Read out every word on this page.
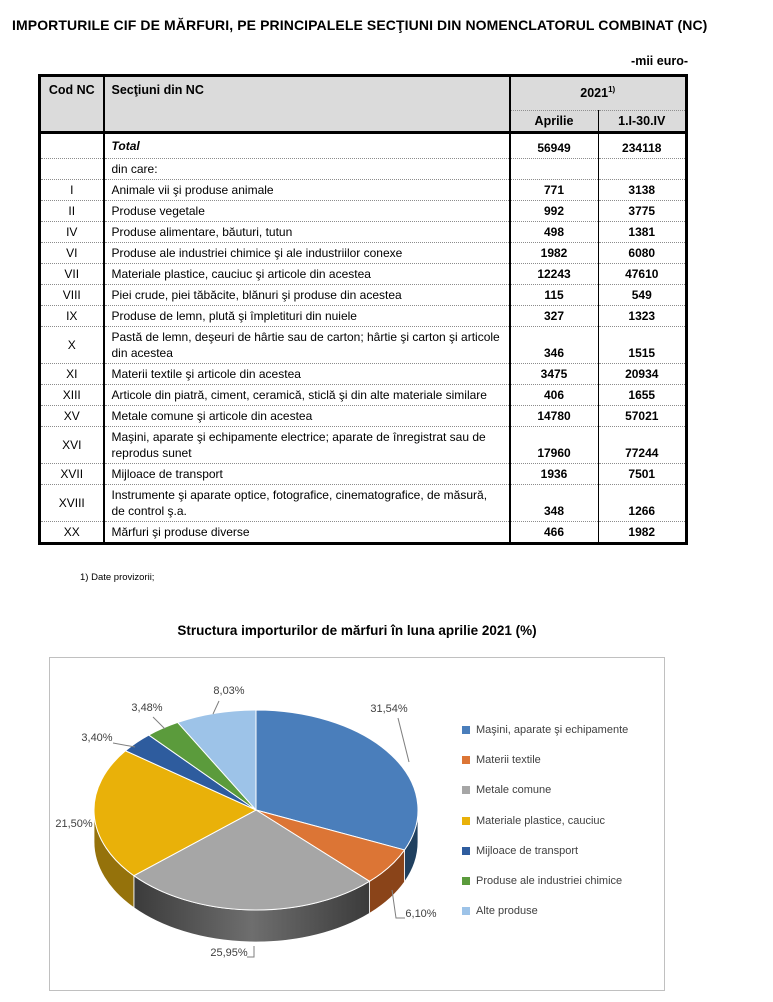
IMPORTURILE CIF DE MĂRFURI, PE PRINCIPALELE SECŢIUNI DIN NOMENCLATORUL COMBINAT (NC)
-mii euro-
Cod NC	Secţiuni din NC	2021$^{1)}$
		Aprilie	1.I-30.IV
	Total	56949	234118
	din care:		
I	Animale vii şi produse animale	771	3138
II	Produse vegetale	992	3775
IV	Produse alimentare, băuturi, tutun	498	1381
VI	Produse ale industriei chimice şi ale industriilor conexe	1982	6080
VII	Materiale plastice, cauciuc şi articole din acestea	12243	47610
VIII	Piei crude, piei tăbăcite, blănuri şi produse din acestea	115	549
IX	Produse de lemn, plută şi împletituri din nuiele	327	1323
X	Pastă de lemn, deşeuri de hârtie sau de carton; hârtie şi carton şi articole din acestea	346	1515
XI	Materii textile şi articole din acestea	3475	20934
XIII	Articole din piatră, ciment, ceramică, sticlă şi din alte materiale similare	406	1655
XV	Metale comune şi articole din acestea	14780	57021
XVI	Maşini, aparate şi echipamente electrice; aparate de înregistrat sau de reprodus sunet	17960	77244
XVII	Mijloace de transport	1936	7501
XVIII	Instrumente şi aparate optice, fotografice, cinematografice, de măsură, de control ş.a.	348	1266
XX	Mărfuri şi produse diverse	466	1982
1) Date provizorii;
Structura importurilor de mărfuri în luna aprilie 2021 (%)
31,54%
6,10%
25,95%
21,50%
3,40%
3,48%
8,03%
Maşini, aparate şi echipamente
Materii textile
Metale comune
Materiale plastice, cauciuc
Mijloace de transport
Produse ale industriei chimice
Alte produse
